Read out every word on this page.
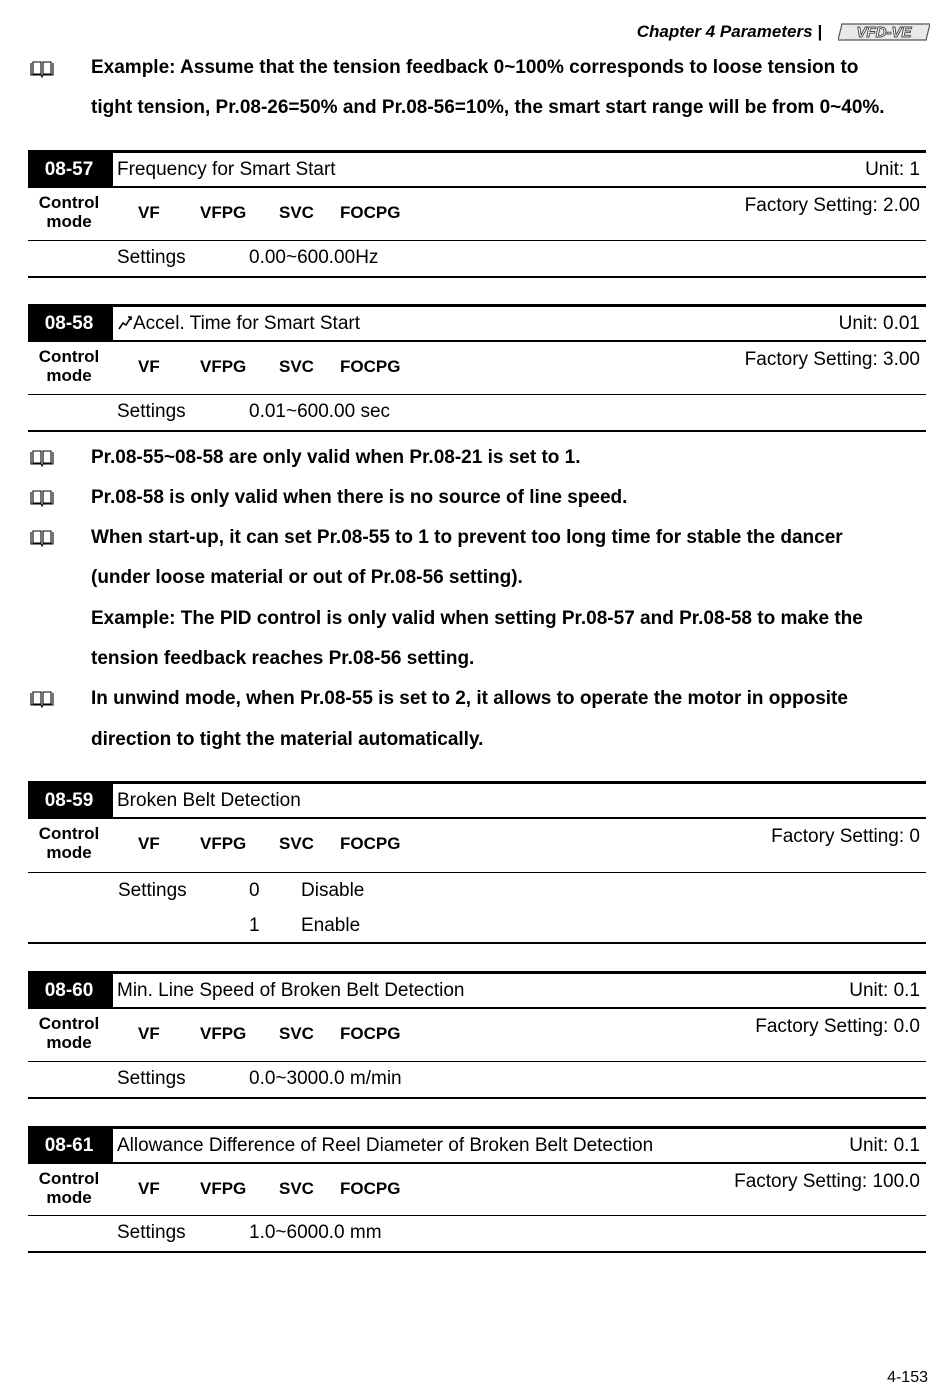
Chapter 4 Parameters | VFD-VE
Example: Assume that the tension feedback 0~100% corresponds to loose tension to
tight tension, Pr.08-26=50% and Pr.08-56=10%, the smart start range will be from 0~40%.
08-57	Frequency for Smart Start	Unit: 1
Control
mode	VF VFPG SVC FOCPG	Factory Setting: 2.00
Settings	0.00~600.00Hz
08-58	Accel. Time for Smart Start	Unit: 0.01
Control
mode	VF VFPG SVC FOCPG	Factory Setting: 3.00
Settings	0.01~600.00 sec
Pr.08-55~08-58 are only valid when Pr.08-21 is set to 1.
Pr.08-58 is only valid when there is no source of line speed.
When start-up, it can set Pr.08-55 to 1 to prevent too long time for stable the dancer
(under loose material or out of Pr.08-56 setting).
Example: The PID control is only valid when setting Pr.08-57 and Pr.08-58 to make the
tension feedback reaches Pr.08-56 setting.
In unwind mode, when Pr.08-55 is set to 2, it allows to operate the motor in opposite
direction to tight the material automatically.
08-59	Broken Belt Detection
Control
mode	VF VFPG SVC FOCPG	Factory Setting: 0
Settings	0 Disable
1 Enable
08-60	Min. Line Speed of Broken Belt Detection	Unit: 0.1
Control
mode	VF VFPG SVC FOCPG	Factory Setting: 0.0
Settings	0.0~3000.0 m/min
08-61	Allowance Difference of Reel Diameter of Broken Belt Detection	Unit: 0.1
Control
mode	VF VFPG SVC FOCPG	Factory Setting: 100.0
Settings	1.0~6000.0 mm
4-153
